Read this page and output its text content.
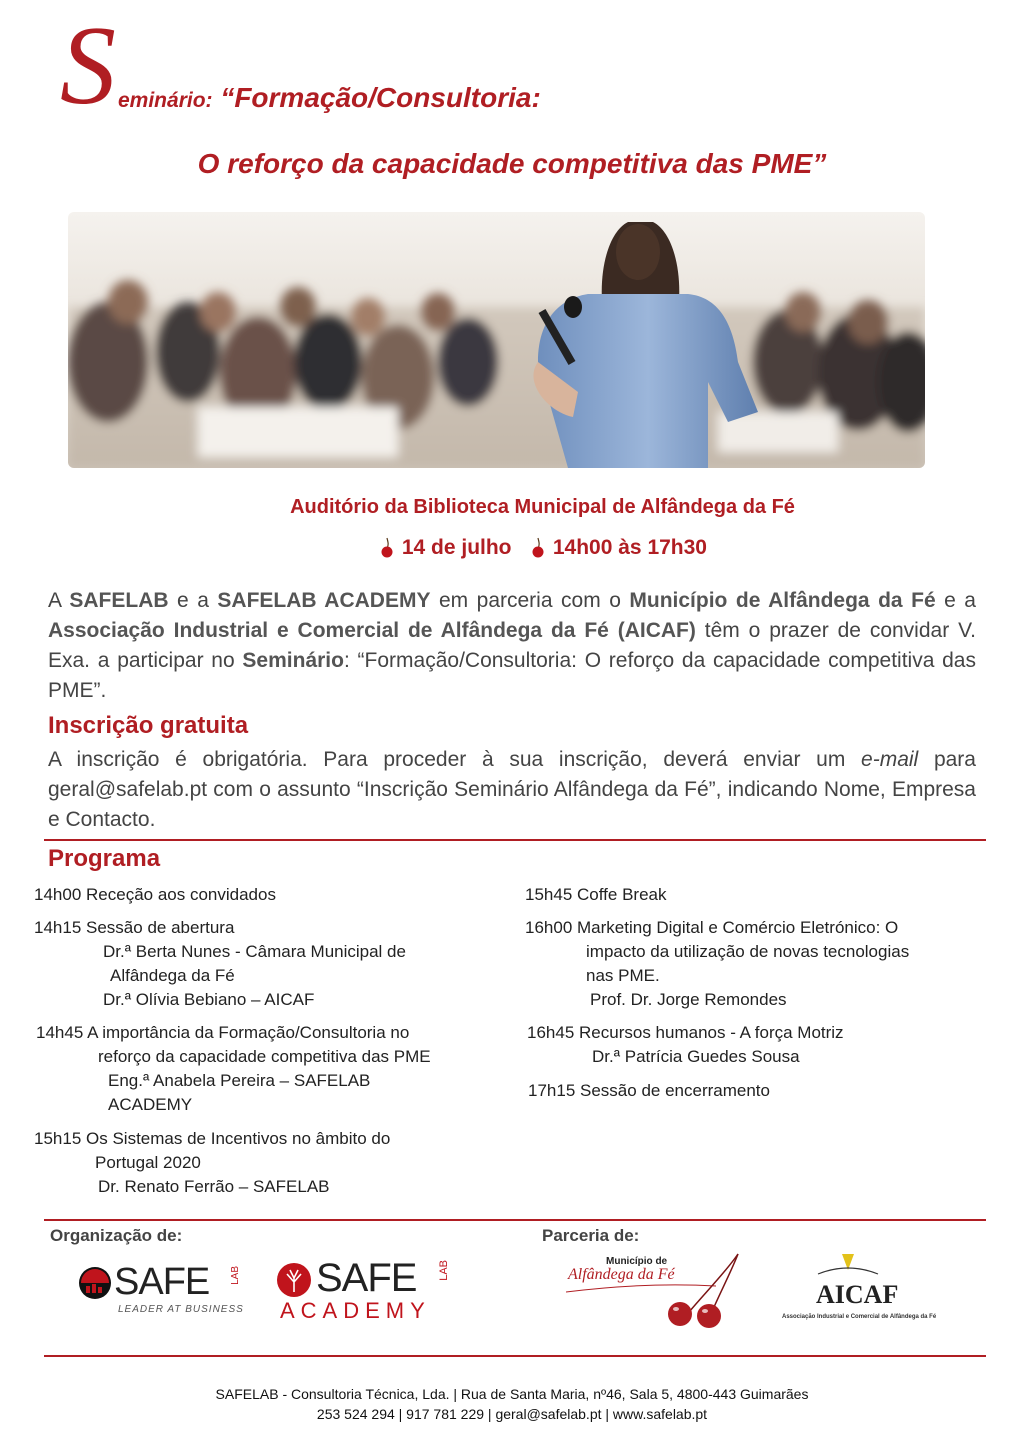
S eminário: “Formação/Consultoria:
O reforço da capacidade competitiva das PME”
Auditório da Biblioteca Municipal de Alfândega da Fé
14 de julho 14h00 às 17h30
A SAFELAB e a SAFELAB ACADEMY em parceria com o Município de Alfândega da Fé e a Associação Industrial e Comercial de Alfândega da Fé (AICAF) têm o prazer de convidar V. Exa. a participar no Seminário: “Formação/Consultoria: O reforço da capacidade competitiva das PME”.
Inscrição gratuita
A inscrição é obrigatória. Para proceder à sua inscrição, deverá enviar um e-mail para geral@safelab.pt com o assunto “Inscrição Seminário Alfândega da Fé”, indicando Nome, Empresa e Contacto.
Programa
14h00 Receção aos convidados
14h15 Sessão de abertura
Dr.ª Berta Nunes - Câmara Municipal de
Alfândega da Fé
Dr.ª Olívia Bebiano – AICAF
14h45 A importância da Formação/Consultoria no
reforço da capacidade competitiva das PME
Eng.ª Anabela Pereira – SAFELAB
ACADEMY
15h15 Os Sistemas de Incentivos no âmbito do
Portugal 2020
Dr. Renato Ferrão – SAFELAB
15h45 Coffe Break
16h00 Marketing Digital e Comércio Eletrónico: O
impacto da utilização de novas tecnologias
nas PME.
Prof. Dr. Jorge Remondes
16h45 Recursos humanos - A força Motriz
Dr.ª Patrícia Guedes Sousa
17h15 Sessão de encerramento
Organização de:	Parceria de:
SAFE LAB
LEADER AT BUSINESS
SAFE LAB
ACADEMY
Município de
Alfândega da Fé
AICAF
Associação Industrial e Comercial de Alfândega da Fé
SAFELAB - Consultoria Técnica, Lda. | Rua de Santa Maria, nº46, Sala 5, 4800-443 Guimarães
253 524 294 | 917 781 229 | geral@safelab.pt | www.safelab.pt
